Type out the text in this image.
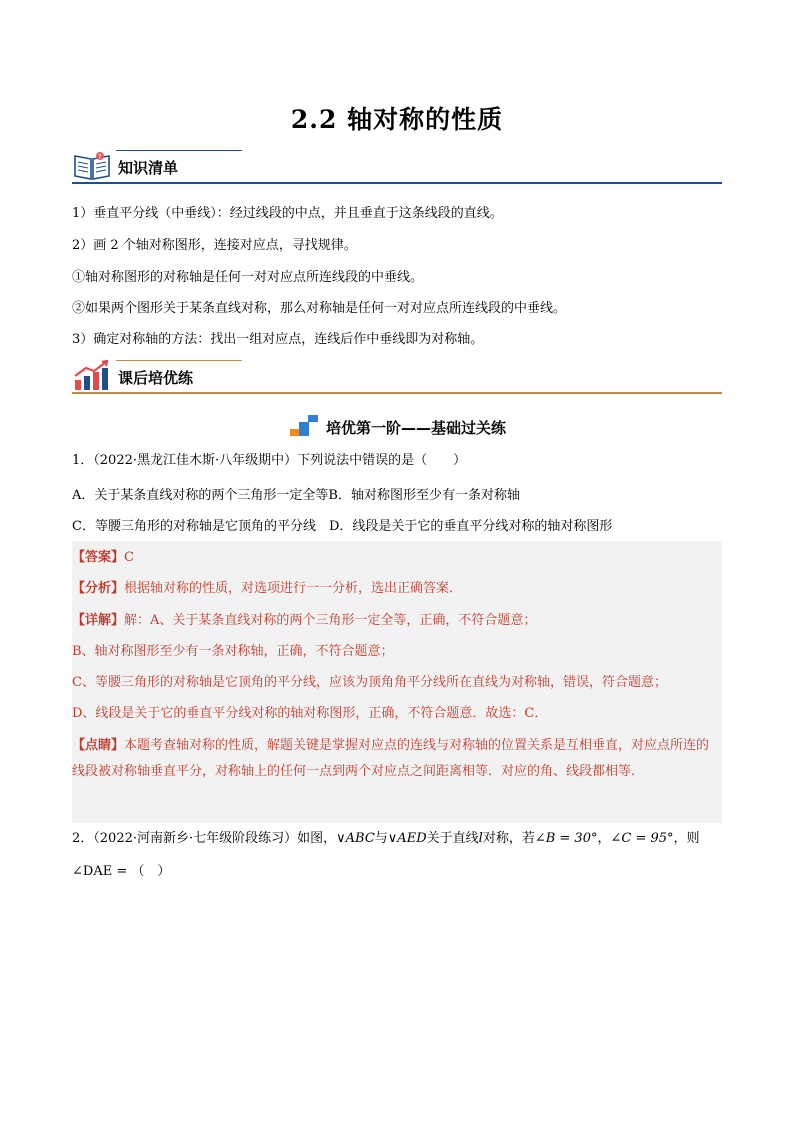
2.2 轴对称的性质
?
知识清单
1）垂直平分线（中垂线）：经过线段的中点，并且垂直于这条线段的直线。
2）画 2 个轴对称图形，连接对应点，寻找规律。
①轴对称图形的对称轴是任何一对对应点所连线段的中垂线。
②如果两个图形关于某条直线对称，那么对称轴是任何一对对应点所连线段的中垂线。
3）确定对称轴的方法：找出一组对应点，连线后作中垂线即为对称轴。
课后培优练
培优第一阶——基础过关练
1．（2022·黑龙江佳木斯·八年级期中）下列说法中错误的是（　　）
A．关于某条直线对称的两个三角形一定全等B．轴对称图形至少有一条对称轴
C．等腰三角形的对称轴是它顶角的平分线　D．线段是关于它的垂直平分线对称的轴对称图形
【答案】C
【分析】根据轴对称的性质，对选项进行一一分析，选出正确答案．
【详解】解：A、关于某条直线对称的两个三角形一定全等，正确，不符合题意；
B、轴对称图形至少有一条对称轴，正确，不符合题意；
C、等腰三角形的对称轴是它顶角的平分线，应该为顶角角平分线所在直线为对称轴，错误，符合题意；
D、线段是关于它的垂直平分线对称的轴对称图形，正确，不符合题意．故选：C．
【点睛】本题考查轴对称的性质，解题关键是掌握对应点的连线与对称轴的位置关系是互相垂直，对应点所连的线段被对称轴垂直平分，对称轴上的任何一点到两个对应点之间距离相等．对应的角、线段都相等．
2．（2022·河南新乡·七年级阶段练习）如图，∨ABC与∨AED关于直线l对称，若∠B = 30°，∠C = 95°，则
∠DAE = （　）
